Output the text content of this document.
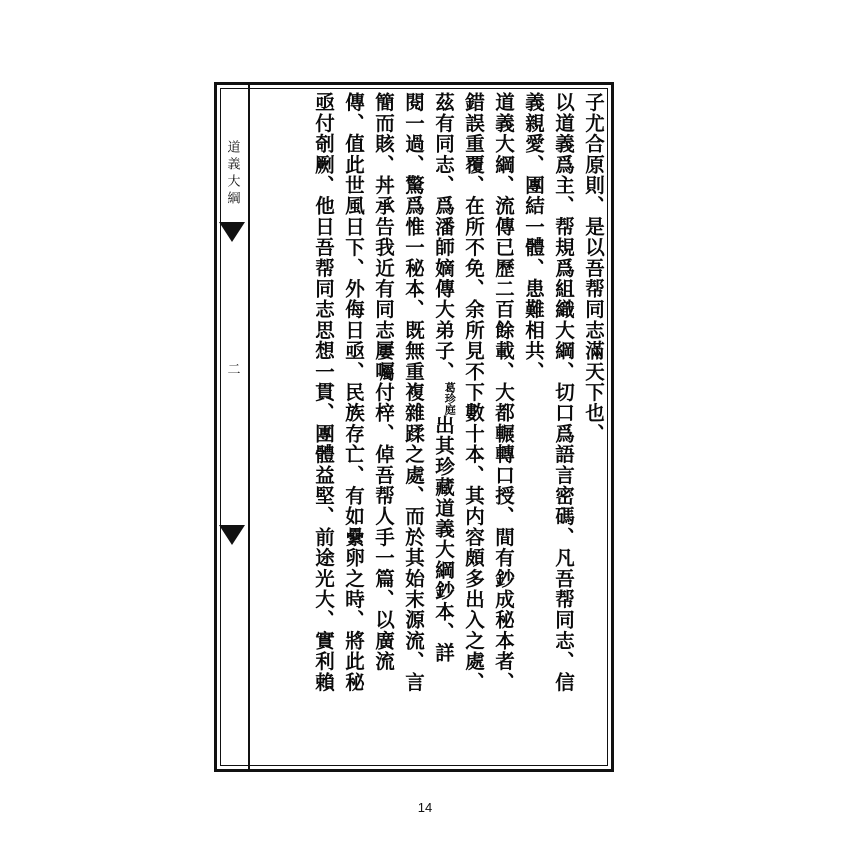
道義大綱
二	子尤合原則、是以吾帮同志滿天下也、
以道義爲主、帮規爲組織大綱、切口爲語言密碼、凡吾帮同志、信
義親愛、團結一體、患難相共、
道義大綱、流傳已歷二百餘載、大都輾轉口授、間有鈔成秘本者、
錯誤重覆、在所不免、余所見不下數十本、其内容頗多出入之處、
茲有同志、爲潘師嫡傳大弟子、葛珍庭出其珍藏道義大綱鈔本、詳
閱一過、驚爲惟一秘本、既無重複雜蹂之處、而於其始末源流、言
簡而賅、丼承告我近有同志屢囑付梓、倬吾帮人手一篇、以廣流
傳、值此世風日下、外侮日亟、民族存亡、有如纍卵之時、將此秘
亟付剞劂、他日吾帮同志思想一貫、團體益堅、前途光大、實利賴
14
